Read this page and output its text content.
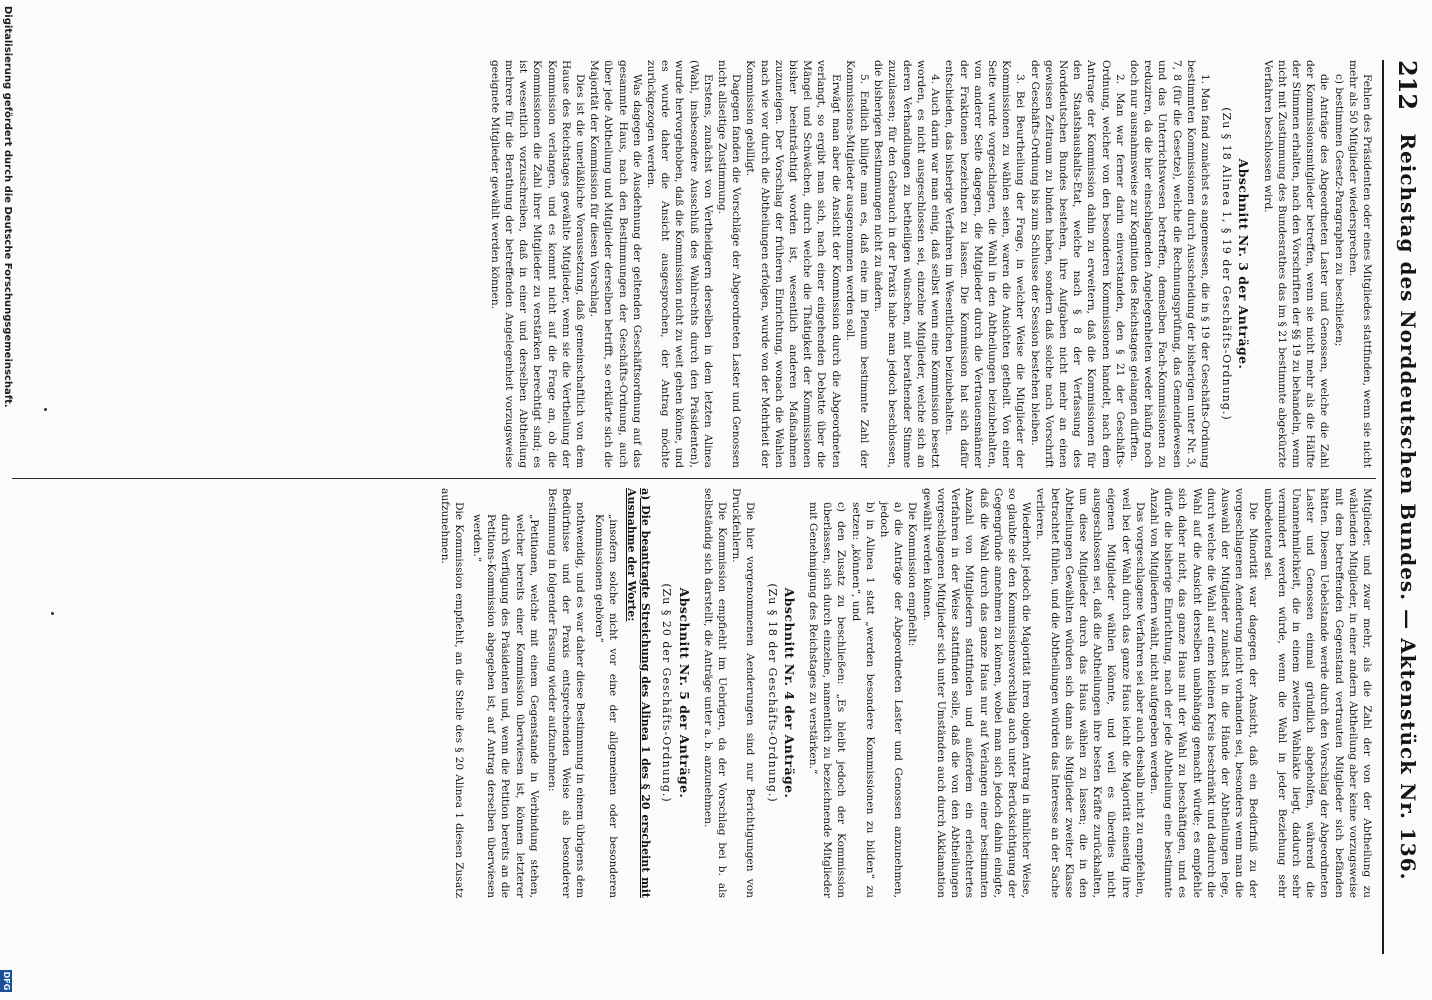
212
Reichstag des Norddeutschen Bundes. — Aktenstück Nr. 136.

Fehlen des Präsidenten oder eines Mitgliedes stattfinden, wenn sie nicht mehr als 50 Mitglieder wiedersprechen.

c) bestimmen Gesetz-Paragraphen zu beschließen;

die Anträge des Abgeordneten Laster und Genossen, welche die Zahl der Kommissionsmitglieder betreffen, wenn sie nicht mehr als die Hälfte der Stimmen erhalten, nach den Vorschriften der §§ 19 zu behandeln, wenn nicht mit Zustimmung des Bundesrathes das im § 21 bestimmte abgekürzte Verfahren beschlossen wird.

Abschnitt Nr. 3 der Anträge.
(Zu § 18 Alinea 1, § 19 der Geschäfts-Ordnung.)

1. Man fand zunächst es angemessen, die in § 19 der Geschäfts-Ordnung bestimmten Kommissionen durch Ausscheidung der bisherigen unter Nr. 3, 7, 8 (für die Gesetze), welche die Rechnungsprüfung, das Gemeindewesen und das Unterrichtswesen betreffen, demselben Fach-Kommissionen zu reduziren, da die hier einschlagenden Angelegenheiten weder häufig noch doch nur ausnahmsweise zur Kognition des Reichstages gelangen dürften.

2. Man war ferner darin einverstanden, den § 21 der Geschäfts-Ordnung, welcher von den besonderen Kommissionen handelt, nach dem Antrage der Kommission dahin zu erweitern, daß die Kommissionen für den Staatshaushalts-Etat, welche nach § 8 der Verfassung des Norddeutschen Bundes bestehen, ihre Aufgaben nicht mehr an einen gewissen Zeitraum zu binden haben, sondern daß solche nach Vorschrift der Geschäfts-Ordnung bis zum Schlusse der Session bestehen bleiben.

3. Bei Beurtheilung der Frage, in welcher Weise die Mitglieder der Kommissionen zu wählen seien, waren die Ansichten getheilt. Von einer Seite wurde vorgeschlagen, die Wahl in den Abtheilungen beizubehalten, von anderer Seite dagegen, die Mitglieder durch die Vertrauensmänner der Fraktionen bezeichnen zu lassen. Die Kommission hat sich dafür entschieden, das bisherige Verfahren im Wesentlichen beizubehalten.

4. Auch darin war man einig, daß selbst wenn eine Kommission besetzt worden, es nicht ausgeschlossen sei, einzelne Mitglieder, welche sich an deren Verhandlungen zu betheiligen wünschen, mit berathender Stimme zuzulassen; für den Gebrauch in der Praxis habe man jedoch beschlossen, die bisherigen Bestimmungen nicht zu ändern.

5. Endlich billigte man es, daß eine im Plenum bestimmte Zahl der Kommissions-Mitglieder ausgenommen werden soll.

Erwägt man aber die Ansicht der Kommission durch die Abgeordneten verlangt, so ergibt man sich, nach einer eingehenden Debatte über die Mängel und Schwächen, durch welche die Thätigkeit der Kommissionen bisher beeinträchtigt worden ist, wesentlich anderen Maßnahmen zuzuneigen. Der Vorschlag der früheren Einrichtung, wonach die Wahlen nach wie vor durch die Abtheilungen erfolgen, wurde von der Mehrheit der Kommission gebilligt.

Dagegen fanden die Vorschläge der Abgeordneten Laster und Genossen nicht allseitige Zustimmung.

Erstens, zunächst von Vertheidigern derselben in dem letzten Alinea (Wahl, insbesondere Ausschluß des Wahlrechts durch den Präsidenten), wurde hervorgehoben, daß die Kommission nicht zu weit gehen könne, und es wurde daher die Ansicht ausgesprochen, der Antrag möchte zurückgezogen werden.

Was dagegen die Ausdehnung der geltenden Geschäftsordnung auf das gesammte Haus, nach den Bestimmungen der Geschäfts-Ordnung, auch über jede Abtheilung und Mitglieder derselben betrifft, so erklärte sich die Majorität der Kommission für diesen Vorschlag.

Dies ist die unerläßliche Voraussetzung, daß gemeinschaftlich von dem Hause des Reichstages gewählte Mitglieder, wenn sie die Vertheilung der Kommission verlangen, und es kommt nicht auf die Frage an, ob die Kommissionen die Zahl ihrer Mitglieder zu verstärken berechtigt sind; es ist wesentlich vorzuschreiben, daß in einer und derselben Abtheilung mehrere für die Berathung der betreffenden Angelegenheit vorzugsweise geeignete Mitglieder gewählt werden können.

Mitglieder, und zwar mehr, als die Zahl der von der Abtheilung zu wählenden Mitglieder, in einer andern Abtheilung aber keine vorzugsweise mit dem betreffenden Gegenstand vertrauten Mitglieder sich befänden hätten. Diesem Uebelstande werde durch den Vorschlag der Abgeordneten Laster und Genossen einmal gründlich abgeholfen, während die Unannehmlichkeit, die in einem zweiten Wahlakte liegt, dadurch sehr vermindert werden würde, wenn die Wahl in jeder Beziehung sehr unbedeutend sei.

Die Minorität war dagegen der Ansicht, daß ein Bedürfniß zu der vorgeschlagenen Aenderung nicht vorhanden sei, besonders wenn man die Auswahl der Mitglieder zunächst in die Hände der Abtheilungen lege, durch welche die Wahl auf einen kleinen Kreis beschränkt und dadurch die Wahl auf die Ansicht derselben unabhängig gemacht würde; es empfehle sich daher nicht, das ganze Haus mit der Wahl zu beschäftigen, und es dürfe die bisherige Einrichtung, nach der jede Abtheilung eine bestimmte Anzahl von Mitgliedern wählt, nicht aufgegeben werden.

Das vorgeschlagene Verfahren sei aber auch deshalb nicht zu empfehlen, weil bei der Wahl durch das ganze Haus leicht die Majorität einseitig ihre eigenen Mitglieder wählen könnte, und weil es überdies nicht ausgeschlossen sei, daß die Abtheilungen ihre besten Kräfte zurückhalten, um diese Mitglieder durch das Haus wählen zu lassen; die in den Abtheilungen Gewählten würden sich dann als Mitglieder zweiter Klasse betrachtet fühlen, und die Abtheilungen würden das Interesse an der Sache verlieren.

Wiederholt jedoch die Majorität ihren obigen Antrag in ähnlicher Weise, so glaubte sie den Kommissionsvorschlag auch unter Berücksichtigung der Gegengründe annehmen zu können, wobei man sich jedoch dahin einigte, daß die Wahl durch das ganze Haus nur auf Verlangen einer bestimmten Anzahl von Mitgliedern stattfinden und außerdem ein erleichtertes Verfahren in der Weise stattfinden solle, daß die von den Abtheilungen vorgeschlagenen Mitglieder sich unter Umständen auch durch Akklamation gewählt werden können.

Die Kommission empfiehlt:

a) die Anträge der Abgeordneten Laster und Genossen anzunehmen, jedoch

b) in Alinea 1 statt „werden besondere Kommissionen zu bilden“ zu setzen: „können“, und

c) den Zusatz zu beschließen: „Es bleibt jedoch der Kommission überlassen, sich durch einzelne, namentlich zu bezeichnende Mitglieder mit Genehmigung des Reichstages zu verstärken.“

Abschnitt Nr. 4 der Anträge.
(Zu § 18 der Geschäfts-Ordnung.)

Die hier vorgenommenen Aenderungen sind nur Berichtigungen von Druckfehlern.

Die Kommission empfiehlt im Uebrigen, da der Vorschlag bei b. als selbständig sich darstellt, die Anträge unter a. b. anzunehmen.

Abschnitt Nr. 5 der Anträge.
(Zu § 20 der Geschäfts-Ordnung.)

a) Die beantragte Streichung des Alinea 1 des § 20 erscheint mit Ausnahme der Worte:

„insofern solche nicht vor eine der allgemeinen oder besonderen Kommissionen gehören“

nothwendig, und es war daher diese Bestimmung in einem übrigens dem Bedürfnisse und der Praxis entsprechenden Weise als besonderer Bestimmung in folgender Fassung wieder aufzunehmen:

„Petitionen, welche mit einem Gegenstande in Verbindung stehen, welcher bereits einer Kommission überwiesen ist, können letzterer durch Verfügung des Präsidenten und, wenn die Petition bereits an die Petitions-Kommission abgegeben ist, auf Antrag derselben überwiesen werden.“

Die Kommission empfiehlt, an die Stelle des § 20 Alinea 1 diesen Zusatz aufzunehmen.

Digitalisierung gefördert durch die Deutsche Forschungsgemeinschaft.
DFG
